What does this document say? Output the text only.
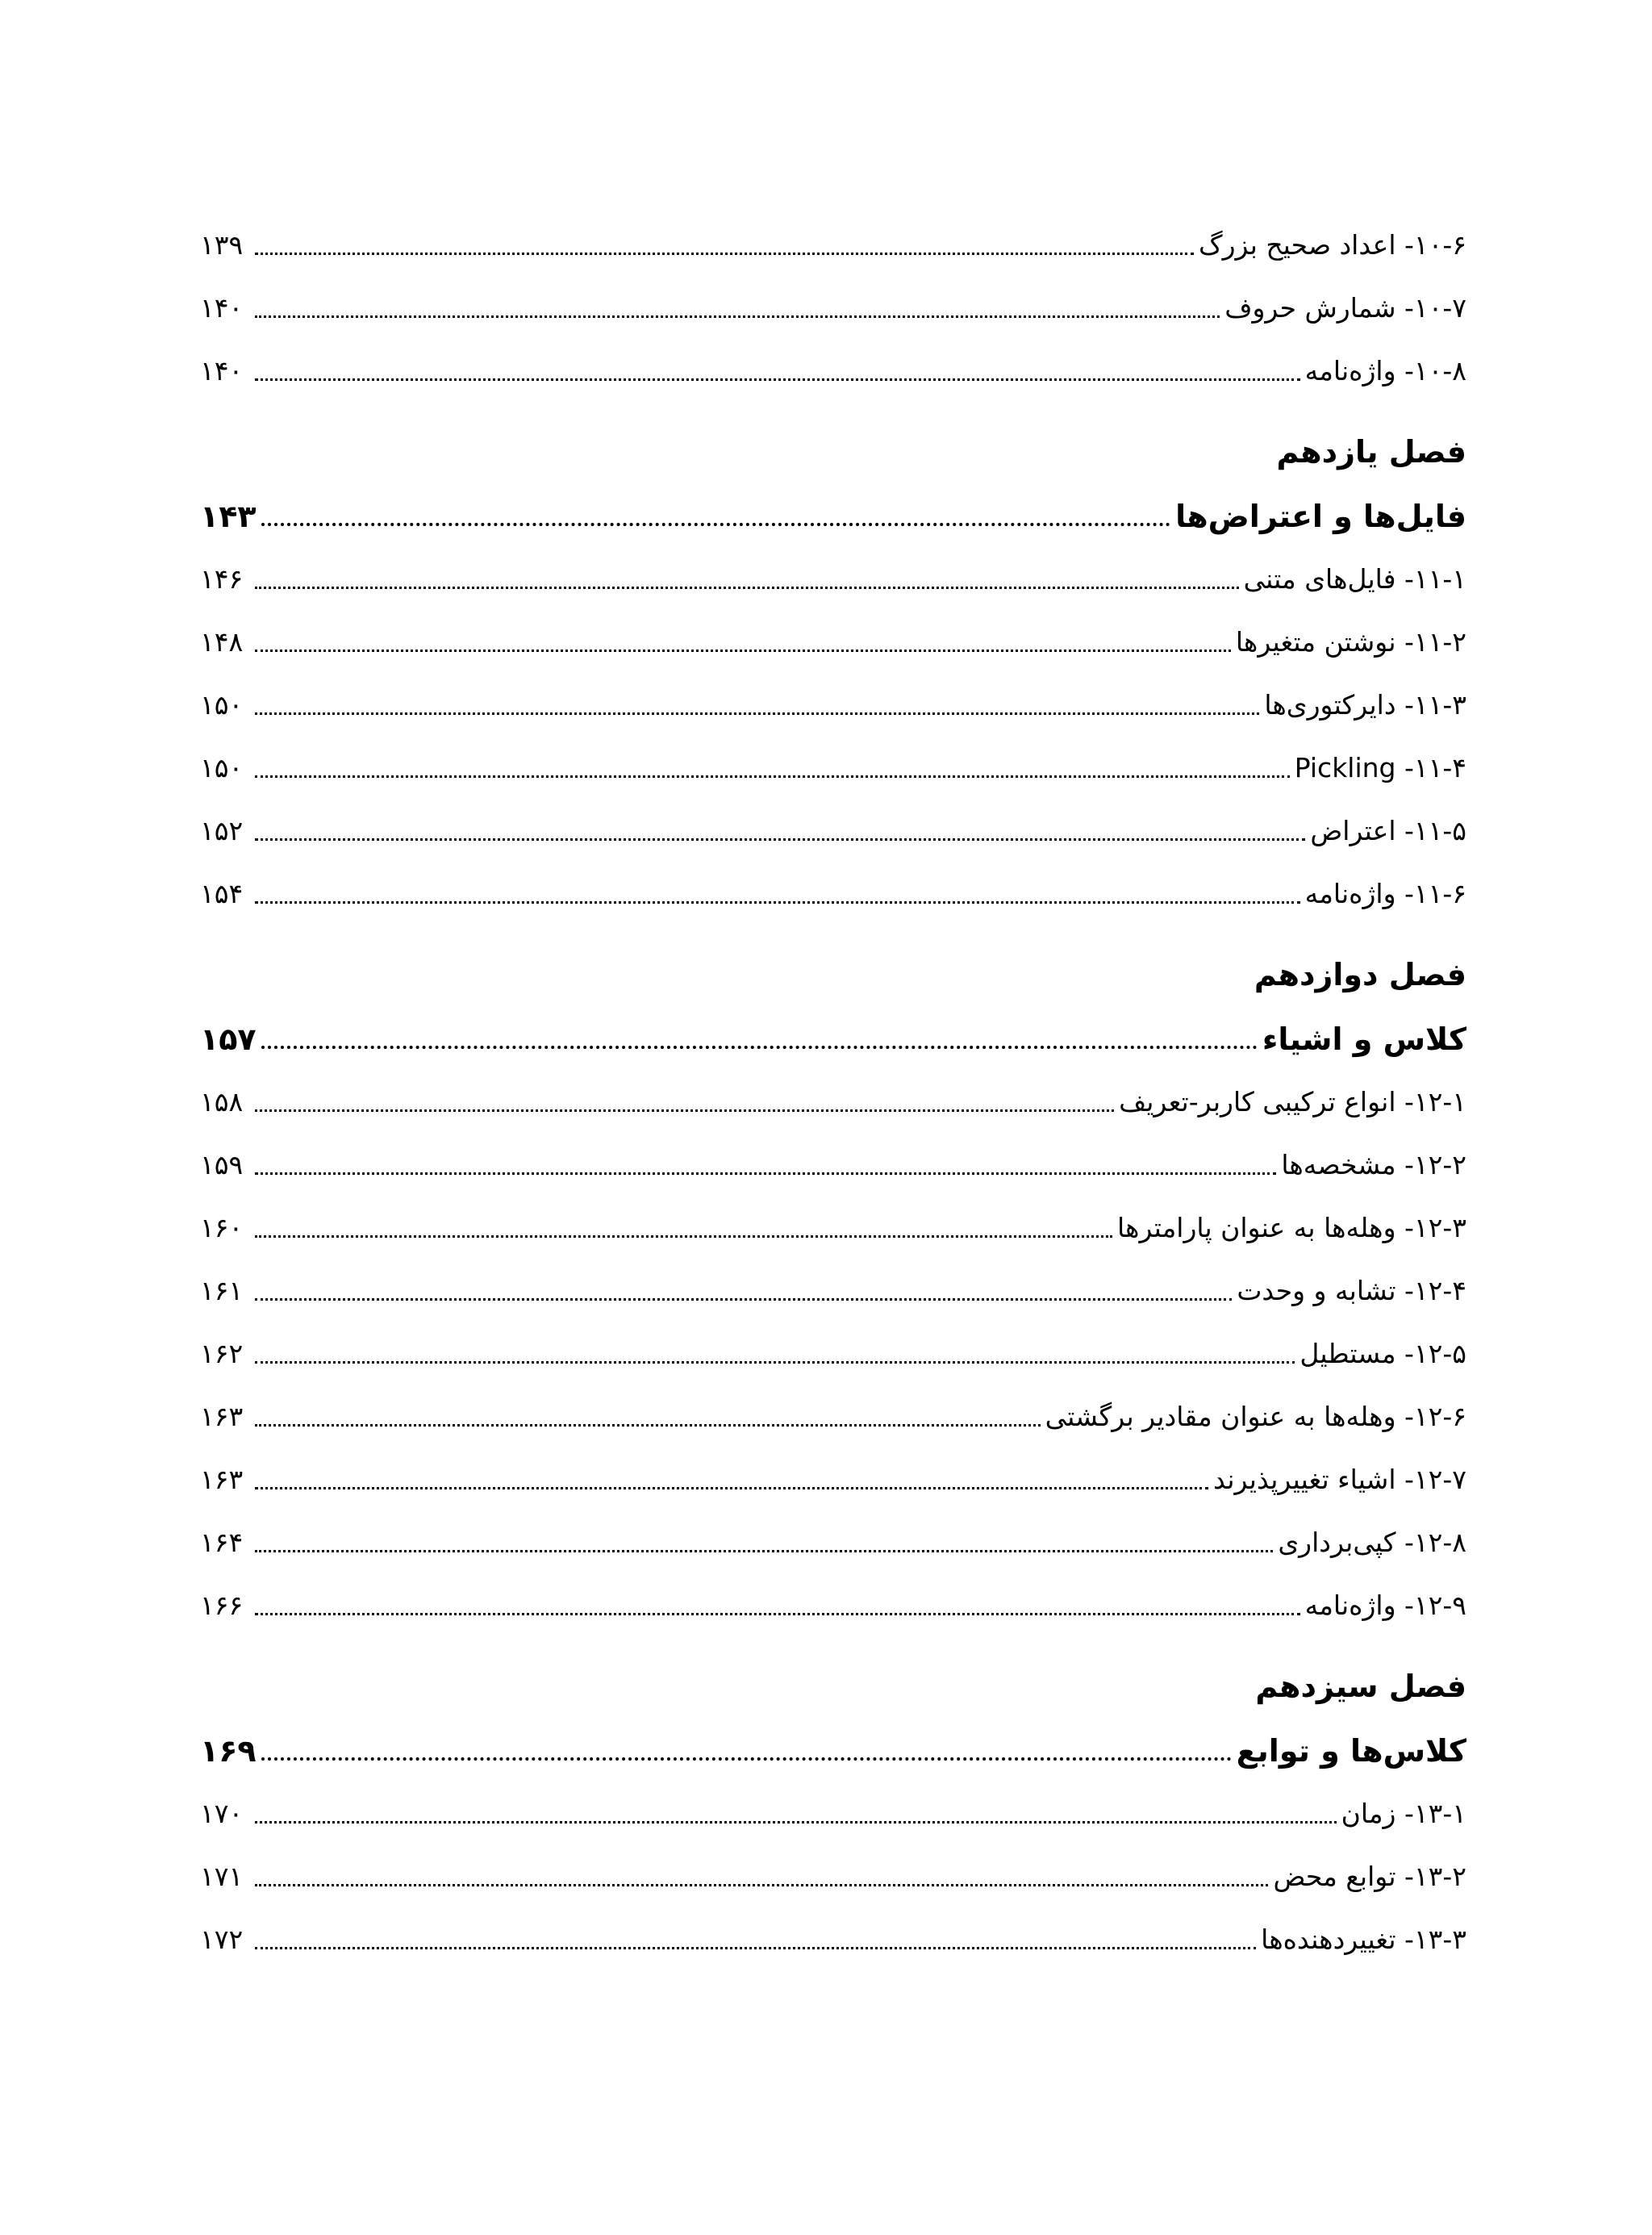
۱۰-۶- اعداد صحیح بزرگ
۱۳۹
۱۰-۷- شمارش حروف
۱۴۰
۱۰-۸- واژه‌نامه
۱۴۰
فصل یازدهم
فایل‌ها و اعتراض‌ها
۱۴۳
۱۱-۱- فایل‌های متنی
۱۴۶
۱۱-۲- نوشتن متغیرها
۱۴۸
۱۱-۳- دایرکتوری‌ها
۱۵۰
۱۱-۴- Pickling
۱۵۰
۱۱-۵- اعتراض
۱۵۲
۱۱-۶- واژه‌نامه
۱۵۴
فصل دوازدهم
کلاس و اشیاء
۱۵۷
۱۲-۱- انواع ترکیبی کاربر-تعریف
۱۵۸
۱۲-۲- مشخصه‌ها
۱۵۹
۱۲-۳- وهله‌ها به عنوان پارامترها
۱۶۰
۱۲-۴- تشابه و وحدت
۱۶۱
۱۲-۵- مستطیل
۱۶۲
۱۲-۶- وهله‌ها به عنوان مقادیر برگشتی
۱۶۳
۱۲-۷- اشیاء تغییرپذیرند
۱۶۳
۱۲-۸- کپی‌برداری
۱۶۴
۱۲-۹- واژه‌نامه
۱۶۶
فصل سیزدهم
کلاس‌ها و توابع
۱۶۹
۱۳-۱- زمان
۱۷۰
۱۳-۲- توابع محض
۱۷۱
۱۳-۳- تغییردهنده‌ها
۱۷۲
